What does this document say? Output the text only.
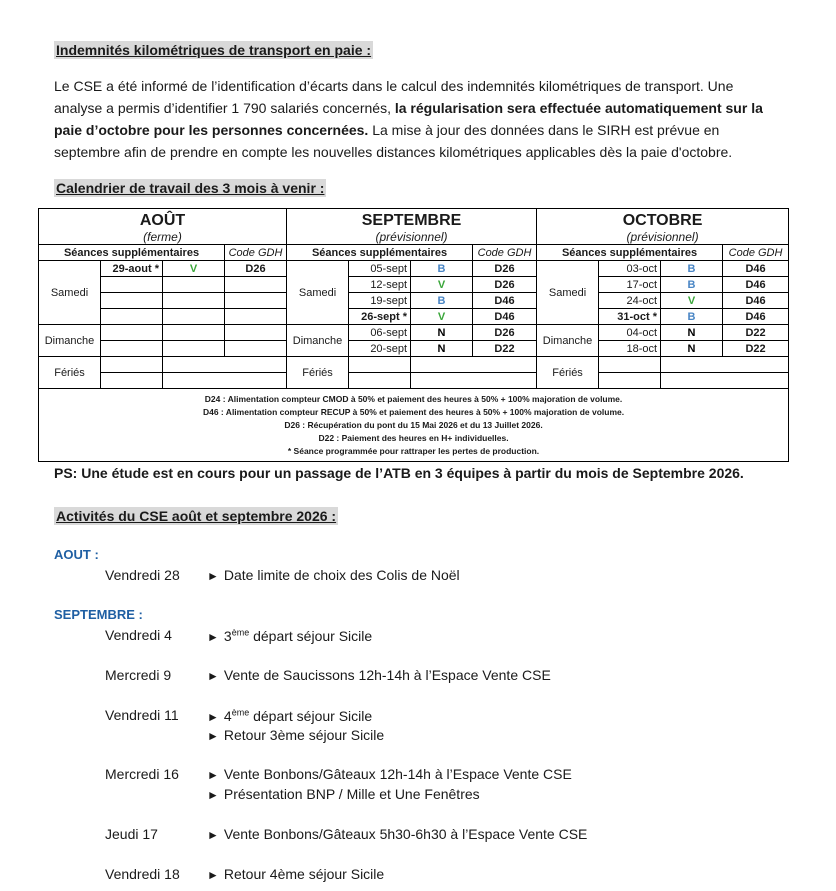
Indemnités kilométriques de transport en paie :
Le CSE a été informé de l’identification d’écarts dans le calcul des indemnités kilométriques de transport. Une analyse a permis d’identifier 1 790 salariés concernés, la régularisation sera effectuée automatiquement sur la paie d’octobre pour les personnes concernées. La mise à jour des données dans le SIRH est prévue en septembre afin de prendre en compte les nouvelles distances kilométriques applicables dès la paie d'octobre.
Calendrier de travail des 3 mois à venir :
AOÛT				SEPTEMBRE				OCTOBRE			
(ferme)				(prévisionnel)				(prévisionnel)			
Séances supplémentaires			Code GDH	Séances supplémentaires			Code GDH	Séances supplémentaires			Code GDH
Samedi	29-aout *	V	D26	Samedi	05-sept	B	D26	Samedi	03-oct	B	D46
					12-sept	V	D26		17-oct	B	D46
					19-sept	B	D46		24-oct	V	D46
					26-sept *	V	D46		31-oct *	B	D46
Dimanche				Dimanche	06-sept	N	D26	Dimanche	04-oct	N	D22
					20-sept	N	D22		18-oct	N	D22
Fériés				Fériés				Fériés			

D24 : Alimentation compteur CMOD à 50% et paiement des heures à 50% + 100% majoration de volume.
D46 : Alimentation compteur RECUP à 50% et paiement des heures à 50% + 100% majoration de volume.
D26 : Récupération du pont du 15 Mai 2026 et du 13 Juillet 2026.
D22 : Paiement des heures en H+ individuelles.
* Séance programmée pour rattraper les pertes de production.											
PS: Une étude est en cours pour un passage de l’ATB en 3 équipes à partir du mois de Septembre 2026.
Activités du CSE août et septembre 2026 :
AOUT :
SEPTEMBRE :
Vendredi 28 ► Date limite de choix des Colis de Noël
Vendredi 4	► 3ème départ séjour Sicile
Mercredi 9	► Vente de Saucissons 12h-14h à l’Espace Vente CSE
Vendredi 11 ► 4ème départ séjour Sicile
► Retour 3ème séjour Sicile
Mercredi 16 ► Vente Bonbons/Gâteaux 12h-14h à l’Espace Vente CSE
► Présentation BNP / Mille et Une Fenêtres
Jeudi 17	► Vente Bonbons/Gâteaux 5h30-6h30 à l’Espace Vente CSE
Vendredi 18 ► Retour 4ème séjour Sicile
